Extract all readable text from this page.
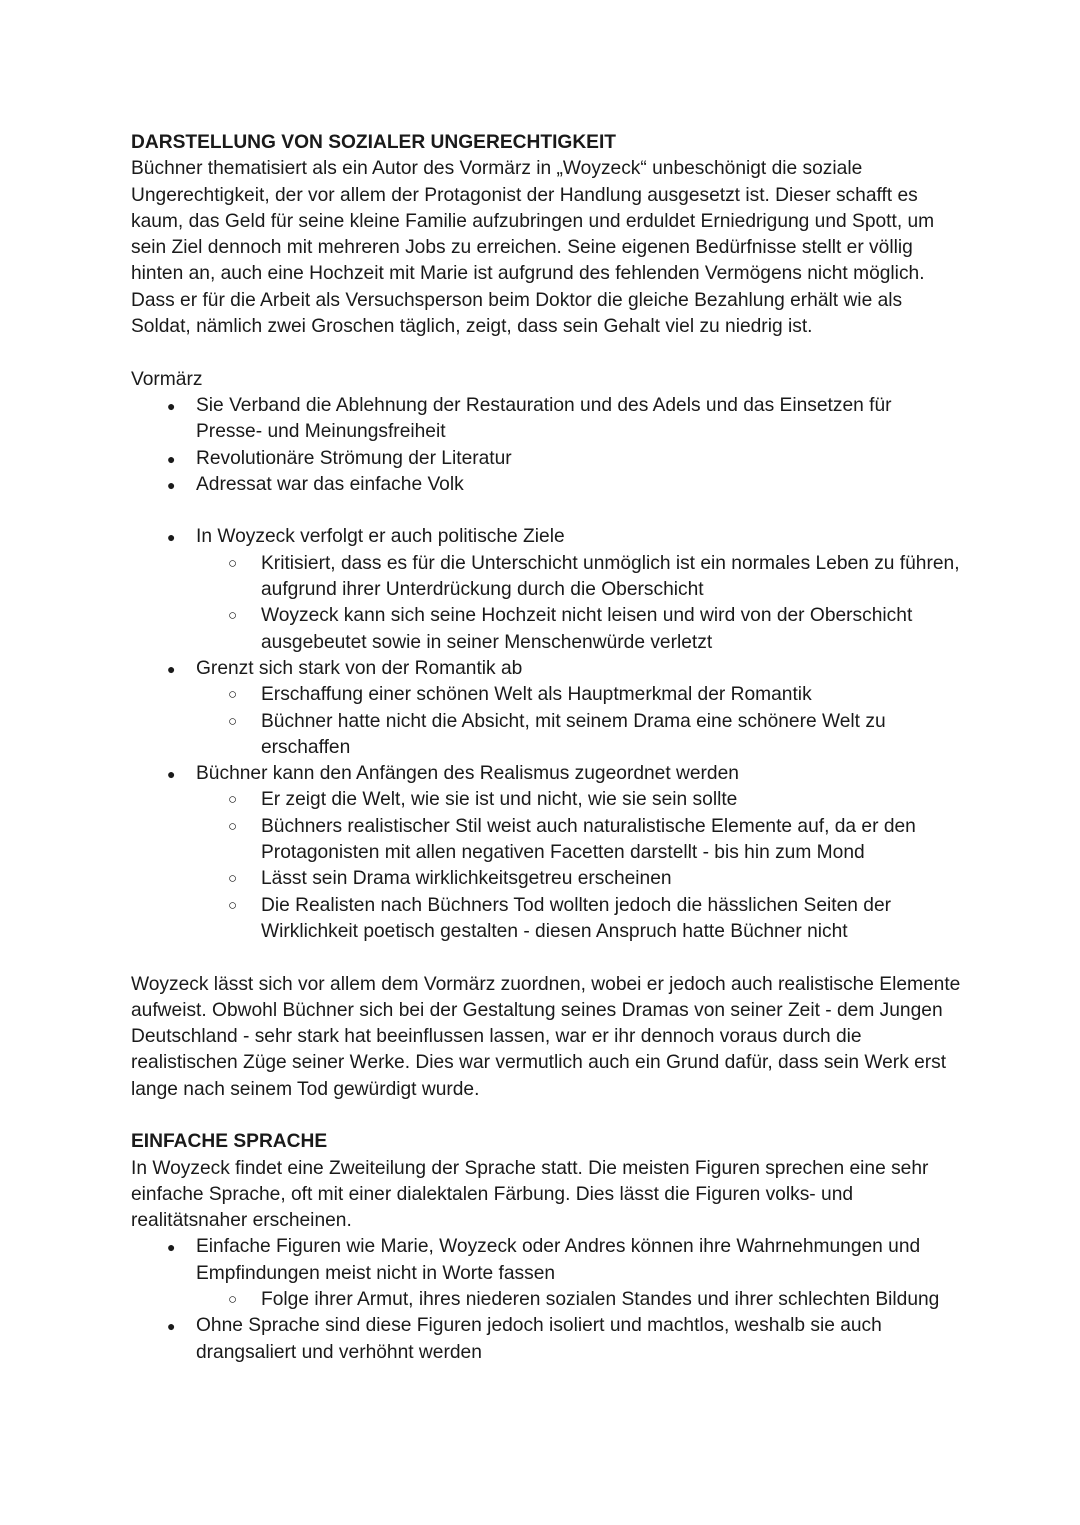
DARSTELLUNG VON SOZIALER UNGERECHTIGKEIT

Büchner thematisiert als ein Autor des Vormärz in „Woyzeck“ unbeschönigt die soziale Ungerechtigkeit, der vor allem der Protagonist der Handlung ausgesetzt ist. Dieser schafft es kaum, das Geld für seine kleine Familie aufzubringen und erduldet Erniedrigung und Spott, um sein Ziel dennoch mit mehreren Jobs zu erreichen. Seine eigenen Bedürfnisse stellt er völlig hinten an, auch eine Hochzeit mit Marie ist aufgrund des fehlenden Vermögens nicht möglich. Dass er für die Arbeit als Versuchsperson beim Doktor die gleiche Bezahlung erhält wie als Soldat, nämlich zwei Groschen täglich, zeigt, dass sein Gehalt viel zu niedrig ist.

Vormärz

● Sie Verband die Ablehnung der Restauration und des Adels und das Einsetzen für Presse- und Meinungsfreiheit
● Revolutionäre Strömung der Literatur
● Adressat war das einfache Volk
● In Woyzeck verfolgt er auch politische Ziele
○ Kritisiert, dass es für die Unterschicht unmöglich ist ein normales Leben zu führen, aufgrund ihrer Unterdrückung durch die Oberschicht
○ Woyzeck kann sich seine Hochzeit nicht leisen und wird von der Oberschicht ausgebeutet sowie in seiner Menschenwürde verletzt
● Grenzt sich stark von der Romantik ab
○ Erschaffung einer schönen Welt als Hauptmerkmal der Romantik
○ Büchner hatte nicht die Absicht, mit seinem Drama eine schönere Welt zu erschaffen
● Büchner kann den Anfängen des Realismus zugeordnet werden
○ Er zeigt die Welt, wie sie ist und nicht, wie sie sein sollte
○ Büchners realistischer Stil weist auch naturalistische Elemente auf, da er den Protagonisten mit allen negativen Facetten darstellt - bis hin zum Mond
○ Lässt sein Drama wirklichkeitsgetreu erscheinen
○ Die Realisten nach Büchners Tod wollten jedoch die hässlichen Seiten der Wirklichkeit poetisch gestalten - diesen Anspruch hatte Büchner nicht

Woyzeck lässt sich vor allem dem Vormärz zuordnen, wobei er jedoch auch realistische Elemente aufweist. Obwohl Büchner sich bei der Gestaltung seines Dramas von seiner Zeit - dem Jungen Deutschland - sehr stark hat beeinflussen lassen, war er ihr dennoch voraus durch die realistischen Züge seiner Werke. Dies war vermutlich auch ein Grund dafür, dass sein Werk erst lange nach seinem Tod gewürdigt wurde.

EINFACHE SPRACHE

In Woyzeck findet eine Zweiteilung der Sprache statt. Die meisten Figuren sprechen eine sehr einfache Sprache, oft mit einer dialektalen Färbung. Dies lässt die Figuren volks- und realitätsnaher erscheinen.

● Einfache Figuren wie Marie, Woyzeck oder Andres können ihre Wahrnehmungen und Empfindungen meist nicht in Worte fassen
○ Folge ihrer Armut, ihres niederen sozialen Standes und ihrer schlechten Bildung
● Ohne Sprache sind diese Figuren jedoch isoliert und machtlos, weshalb sie auch drangsaliert und verhöhnt werden
